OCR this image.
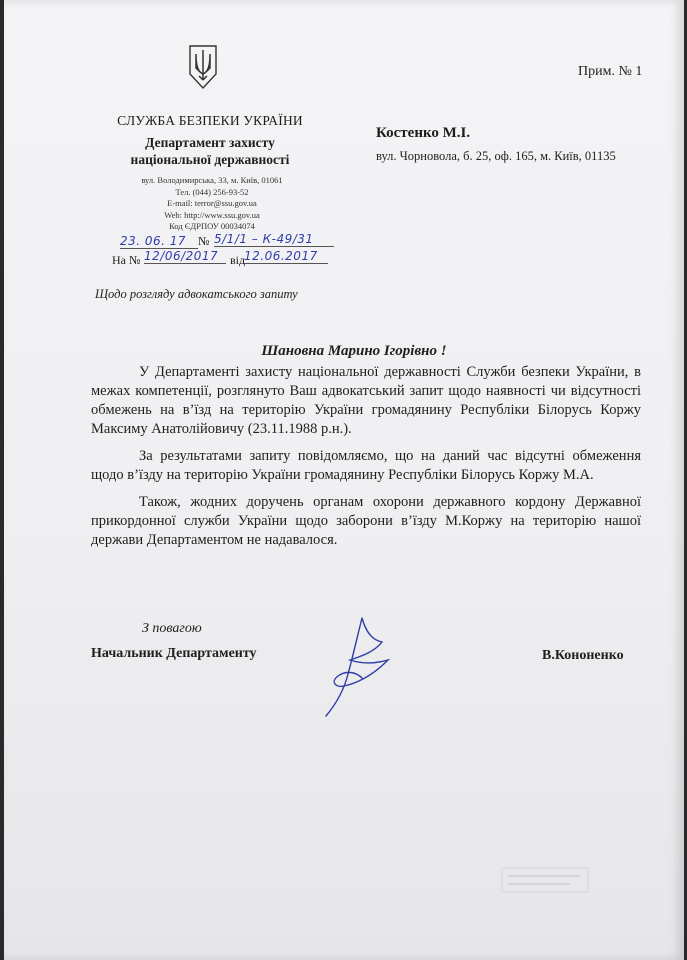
Прим. № 1
СЛУЖБА БЕЗПЕКИ УКРАЇНИ
Департамент захисту
національної державності
вул. Володимирська, 33, м. Київ, 01061
Тел. (044) 256-93-52
E-mail: terror@ssu.gov.ua
Web: http://www.ssu.gov.ua
Код ЄДРПОУ 00034074
Костенко М.І.
вул. Чорновола, б. 25, оф. 165, м. Київ, 01135
23. 06. 17 № 5/1/1 – К-49/31
На № 12/06/2017 від
12.06.2017
Щодо розгляду адвокатського запиту
Шановна Марино Ігорівно !

У Департаменті захисту національної державності Служби безпеки України, в межах компетенції, розглянуто Ваш адвокатський запит щодо наявності чи відсутності обмежень на в’їзд на територію України громадянину Республіки Білорусь Коржу Максиму Анатолійовичу (23.11.1988 р.н.).

За результатами запиту повідомляємо, що на даний час відсутні обмеження щодо в’їзду на територію України громадянину Республіки Білорусь Коржу М.А.

Також, жодних доручень органам охорони державного кордону Державної прикордонної служби України щодо заборони в’їзду М.Коржу на територію нашої держави Департаментом не надавалося.

З повагою
Начальник Департаменту	В.Кононенко
